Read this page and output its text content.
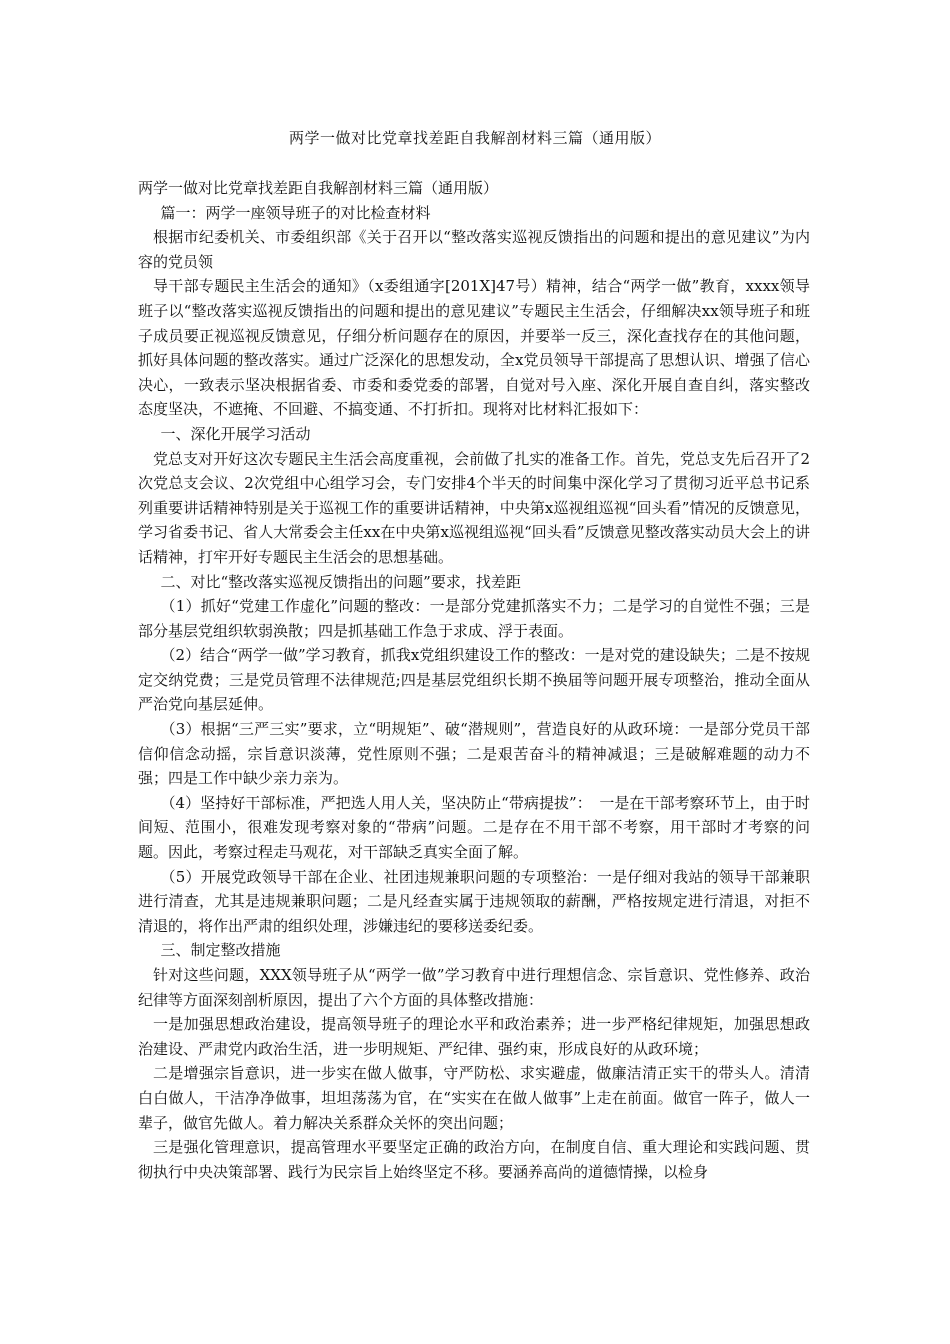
两学一做对比党章找差距自我解剖材料三篇（通用版）

两学一做对比党章找差距自我解剖材料三篇（通用版）

篇一：两学一座领导班子的对比检查材料

根据市纪委机关、市委组织部《关于召开以“整改落实巡视反馈指出的问题和提出的意见建议”为内容的党员领

导干部专题民主生活会的通知》（x委组通字[201X]47号）精神，结合“两学一做”教育，xxxx领导班子以“整改落实巡视反馈指出的问题和提出的意见建议”专题民主生活会，仔细解决xx领导班子和班子成员要正视巡视反馈意见，仔细分析问题存在的原因，并要举一反三，深化查找存在的其他问题，抓好具体问题的整改落实。通过广泛深化的思想发动，全x党员领导干部提高了思想认识、增强了信心决心，一致表示坚决根据省委、市委和委党委的部署，自觉对号入座、深化开展自查自纠，落实整改态度坚决，不遮掩、不回避、不搞变通、不打折扣。现将对比材料汇报如下：

一、深化开展学习活动

党总支对开好这次专题民主生活会高度重视，会前做了扎实的准备工作。首先，党总支先后召开了2次党总支会议、2次党组中心组学习会，专门安排4个半天的时间集中深化学习了贯彻习近平总书记系列重要讲话精神特别是关于巡视工作的重要讲话精神，中央第x巡视组巡视“回头看”情况的反馈意见，学习省委书记、省人大常委会主任xx在中央第x巡视组巡视“回头看”反馈意见整改落实动员大会上的讲话精神，打牢开好专题民主生活会的思想基础。

二、对比“整改落实巡视反馈指出的问题”要求，找差距

（1）抓好“党建工作虚化”问题的整改：一是部分党建抓落实不力；二是学习的自觉性不强；三是部分基层党组织软弱涣散；四是抓基础工作急于求成、浮于表面。

（2）结合“两学一做”学习教育，抓我x党组织建设工作的整改：一是对党的建设缺失；二是不按规定交纳党费；三是党员管理不法律规范;四是基层党组织长期不换届等问题开展专项整治，推动全面从严治党向基层延伸。

（3）根据“三严三实”要求，立“明规矩”、破“潜规则”，营造良好的从政环境：一是部分党员干部信仰信念动摇，宗旨意识淡薄，党性原则不强；二是艰苦奋斗的精神减退；三是破解难题的动力不强；四是工作中缺少亲力亲为。

（4）坚持好干部标准，严把选人用人关，坚决防止“带病提拔”：　一是在干部考察环节上，由于时间短、范围小，很难发现考察对象的“带病”问题。二是存在不用干部不考察，用干部时才考察的问题。因此，考察过程走马观花，对干部缺乏真实全面了解。

（5）开展党政领导干部在企业、社团违规兼职问题的专项整治：一是仔细对我站的领导干部兼职进行清查，尤其是违规兼职问题；二是凡经查实属于违规领取的薪酬，严格按规定进行清退，对拒不清退的，将作出严肃的组织处理，涉嫌违纪的要移送委纪委。

三、制定整改措施

针对这些问题，XXX领导班子从“两学一做”学习教育中进行理想信念、宗旨意识、党性修养、政治纪律等方面深刻剖析原因，提出了六个方面的具体整改措施：

一是加强思想政治建设，提高领导班子的理论水平和政治素养；进一步严格纪律规矩，加强思想政治建设、严肃党内政治生活，进一步明规矩、严纪律、强约束，形成良好的从政环境；

二是增强宗旨意识，进一步实在做人做事，守严防松、求实避虚，做廉洁清正实干的带头人。清清白白做人，干洁净净做事，坦坦荡荡为官，在“实实在在做人做事”上走在前面。做官一阵子，做人一辈子，做官先做人。着力解决关系群众关怀的突出问题；

三是强化管理意识，提高管理水平要坚定正确的政治方向，在制度自信、重大理论和实践问题、贯彻执行中央决策部署、践行为民宗旨上始终坚定不移。要涵养高尚的道德情操，以检身
